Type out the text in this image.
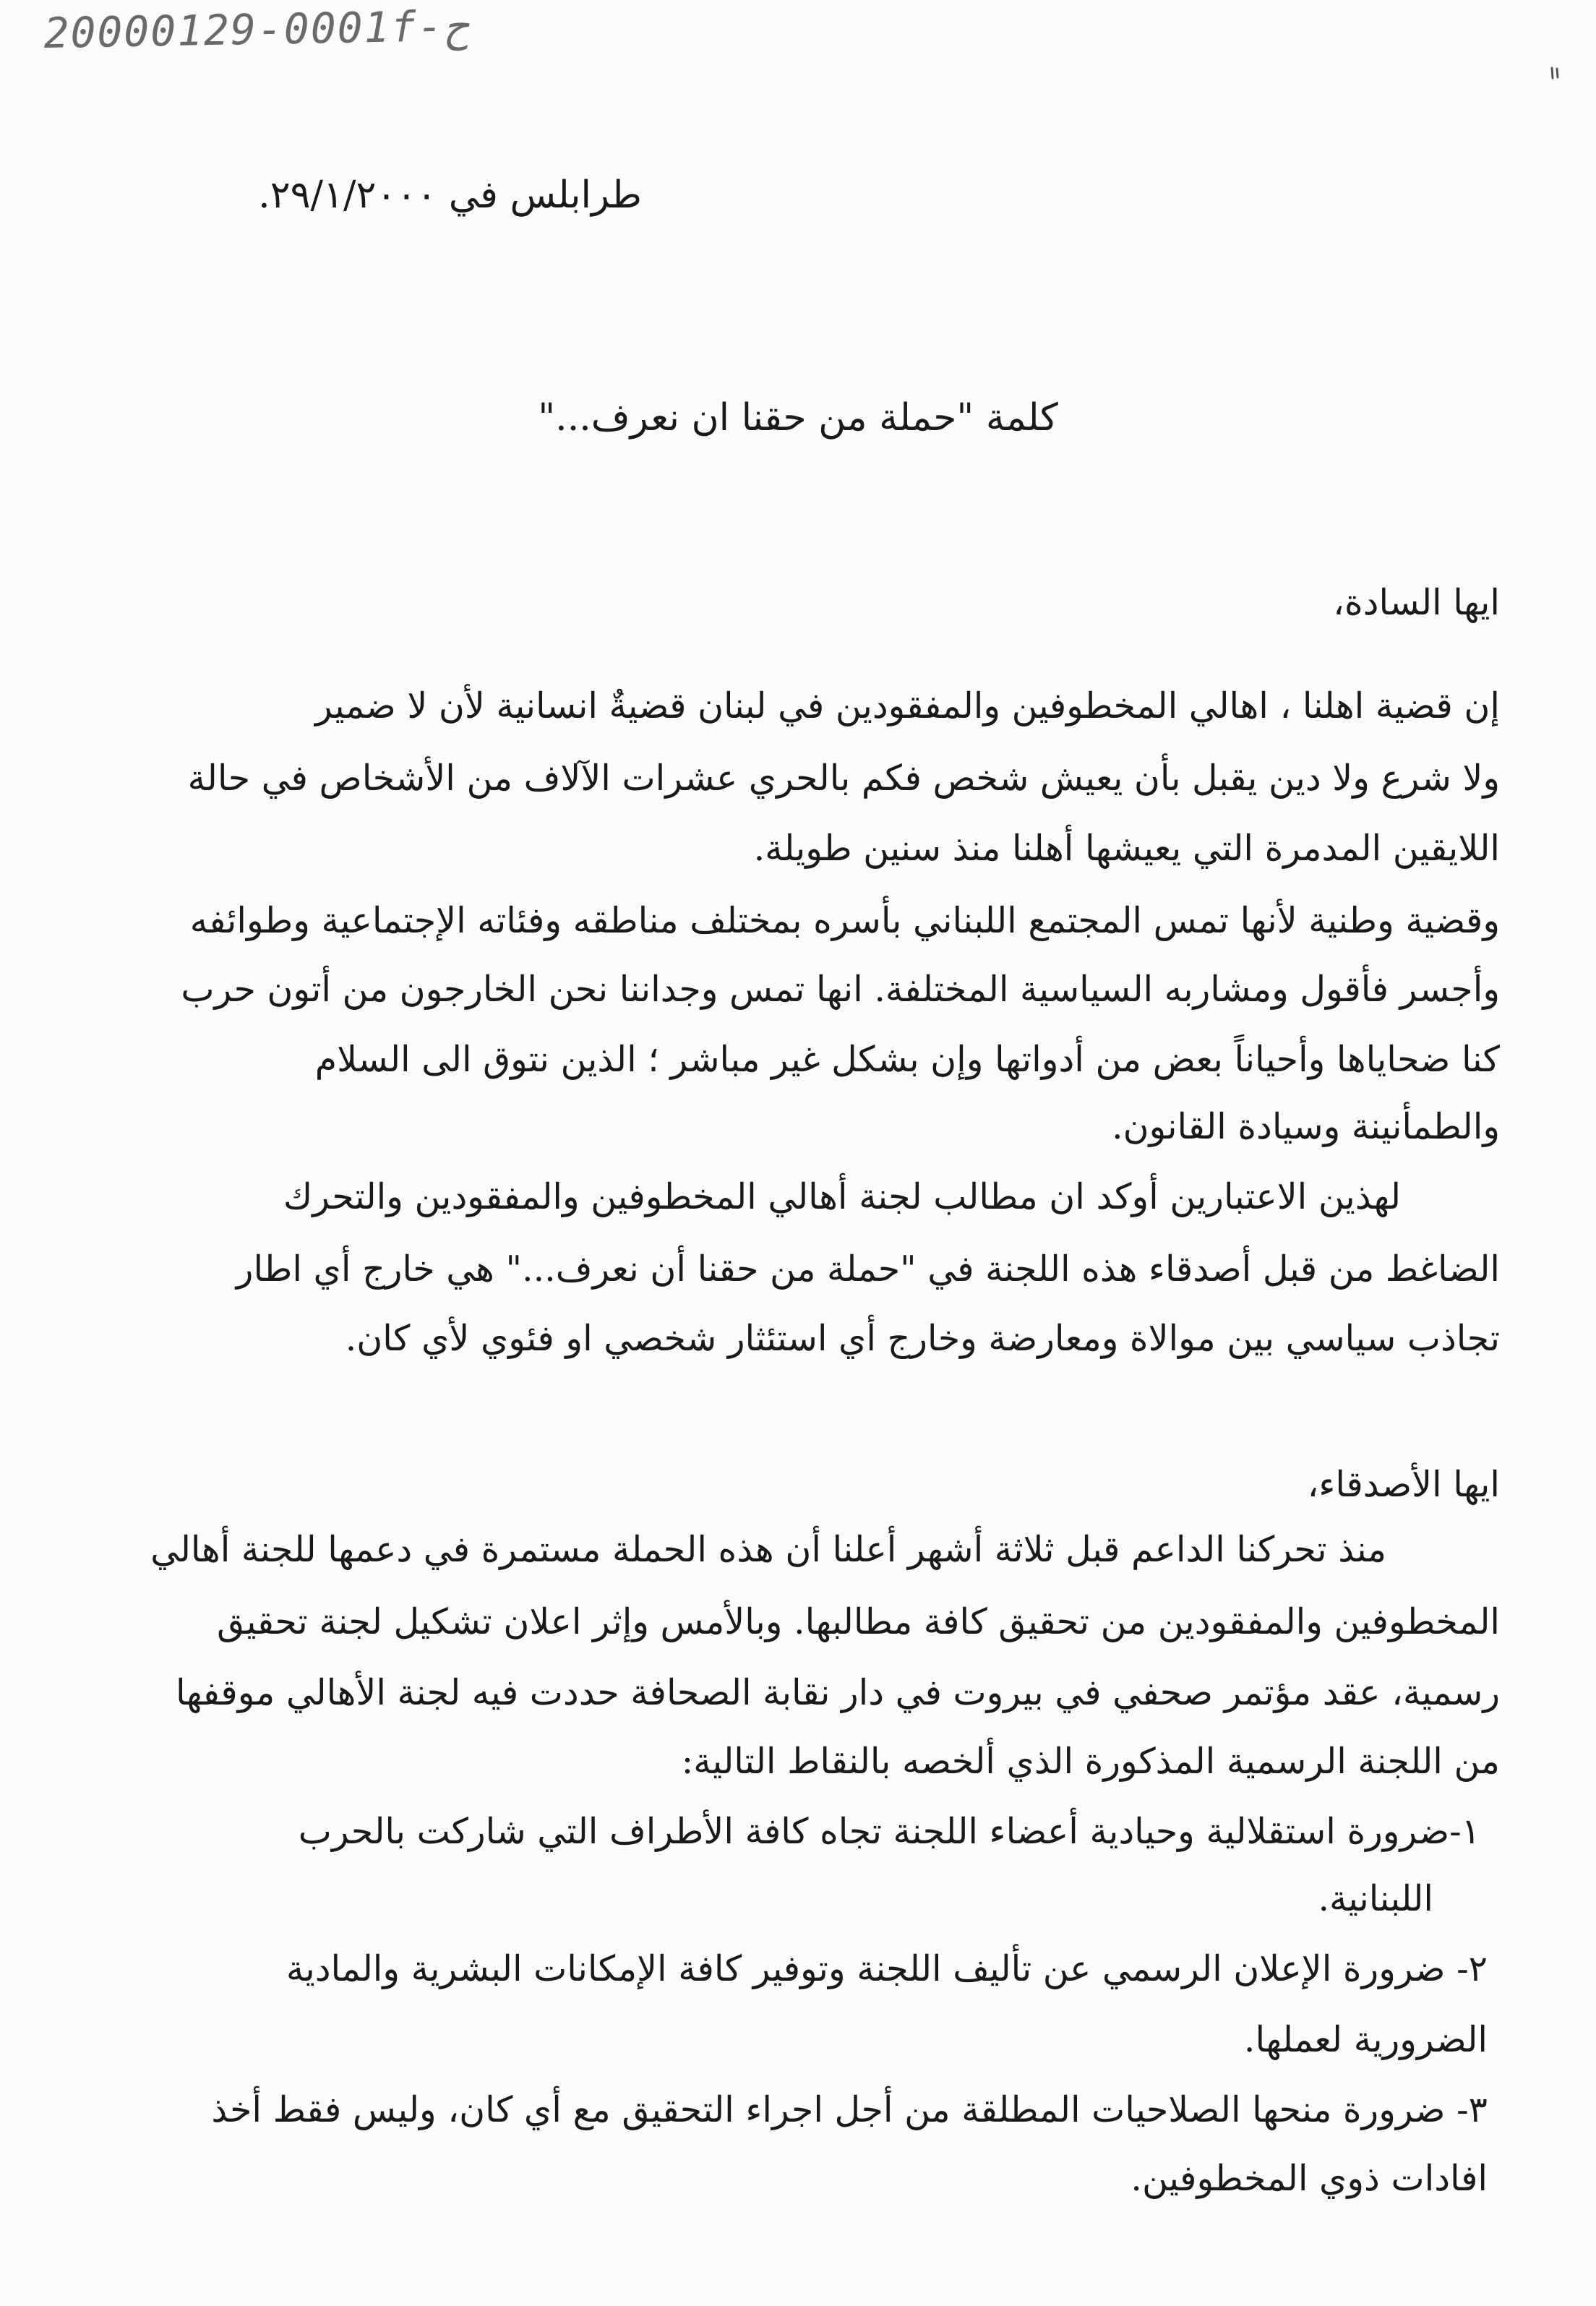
20000129-0001f-ح
طرابلس في ٢٩/١/٢٠٠٠.
كلمة "حملة من حقنا ان نعرف..."
ايها السادة،
إن قضية اهلنا ، اهالي المخطوفين والمفقودين في لبنان قضيةٌ انسانية لأن لا ضمير
ولا شرع ولا دين يقبل بأن يعيش شخص فكم بالحري عشرات الآلاف من الأشخاص في حالة
اللايقين المدمرة التي يعيشها أهلنا منذ سنين طويلة.
وقضية وطنية لأنها تمس المجتمع اللبناني بأسره بمختلف مناطقه وفئاته الإجتماعية وطوائفه
وأجسر فأقول ومشاربه السياسية المختلفة. انها تمس وجداننا نحن الخارجون من أتون حرب
كنا ضحاياها وأحياناً بعض من أدواتها وإن بشكل غير مباشر ؛ الذين نتوق الى السلام
والطمأنينة وسيادة القانون.
لهذين الاعتبارين أوكد ان مطالب لجنة أهالي المخطوفين والمفقودين والتحرك
الضاغط من قبل أصدقاء هذه اللجنة في "حملة من حقنا أن نعرف..." هي خارج أي اطار
تجاذب سياسي بين موالاة ومعارضة وخارج أي استئثار شخصي او فئوي لأي كان.
ايها الأصدقاء،
منذ تحركنا الداعم قبل ثلاثة أشهر أعلنا أن هذه الحملة مستمرة في دعمها للجنة أهالي
المخطوفين والمفقودين من تحقيق كافة مطالبها. وبالأمس وإثر اعلان تشكيل لجنة تحقيق
رسمية، عقد مؤتمر صحفي في بيروت في دار نقابة الصحافة حددت فيه لجنة الأهالي موقفها
من اللجنة الرسمية المذكورة الذي ألخصه بالنقاط التالية:
١-ضرورة استقلالية وحيادية أعضاء اللجنة تجاه كافة الأطراف التي شاركت بالحرب
اللبنانية.
٢- ضرورة الإعلان الرسمي عن تأليف اللجنة وتوفير كافة الإمكانات البشرية والمادية
الضرورية لعملها.
٣- ضرورة منحها الصلاحيات المطلقة من أجل اجراء التحقيق مع أي كان، وليس فقط أخذ
افادات ذوي المخطوفين.
